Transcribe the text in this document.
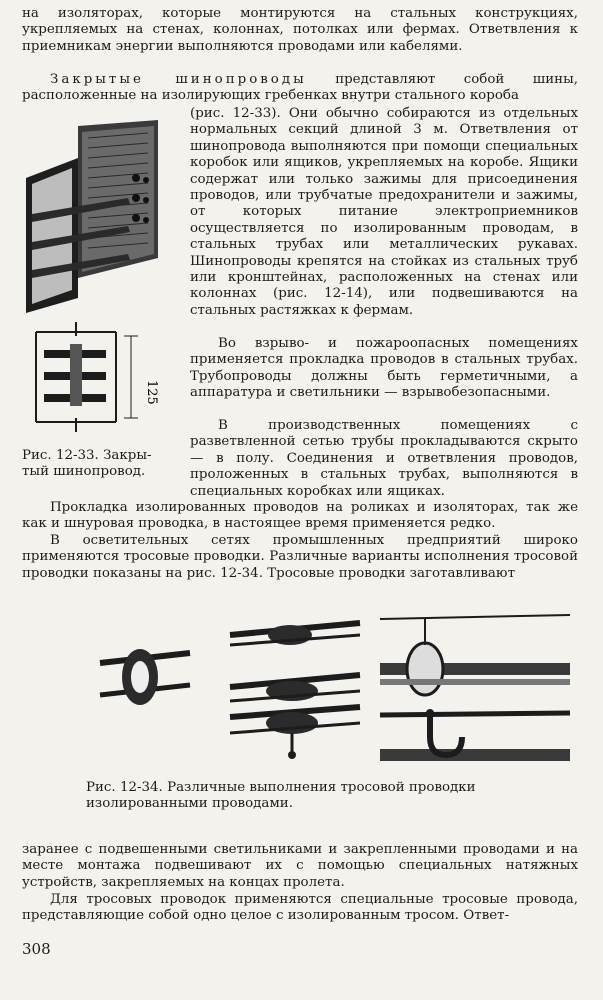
на изоляторах, которые монтируются на стальных конструкциях, укрепляемых на стенах, колоннах, потолках или фермах. Ответвления к приемникам энергии выполняются проводами или кабелями.

Закрытые шинопроводы представляют собой шины, расположенные на изолирующих гребенках внутри стального короба

125

(рис. 12-33). Они обычно собираются из отдельных нормальных секций длиной 3 м. Ответвления от шинопровода выполняются при помощи специальных коробок или ящиков, укрепляемых на коробе. Ящики содержат или только зажимы для присоединения проводов, или трубчатые предохранители и зажимы, от которых питание электроприемников осуществляется по изолированным проводам, в стальных трубах или металлических рукавах. Шинопроводы крепятся на стойках из стальных труб или кронштейнах, расположенных на стенах или колоннах (рис. 12-14), или подвешиваются на стальных растяжках к фермам.

Во взрыво- и пожароопасных помещениях применяется прокладка проводов в стальных трубах. Трубопроводы должны быть герметичными, а аппаратура и светильники — взрывобезопасными.

Рис. 12-33. Закры-
тый шинопровод.

В производственных помещениях с разветвленной сетью трубы прокладываются скрыто — в полу. Соединения и ответвления проводов, проложенных в стальных трубах, выполняются в специальных коробках или ящиках.

Прокладка изолированных проводов на роликах и изоляторах, так же как и шнуровая проводка, в настоящее время применяется редко.

В осветительных сетях промышленных предприятий широко применяются тросовые проводки. Различные варианты исполнения тросовой проводки показаны на рис. 12-34. Тросовые проводки заготавливают

Рис. 12-34. Различные выполнения тросовой проводки
изолированными проводами.

заранее с подвешенными светильниками и закрепленными проводами и на месте монтажа подвешивают их с помощью специальных натяжных устройств, закрепляемых на концах пролета.

Для тросовых проводок применяются специальные тросовые провода, представляющие собой одно целое с изолированным тросом. Ответ-

308
